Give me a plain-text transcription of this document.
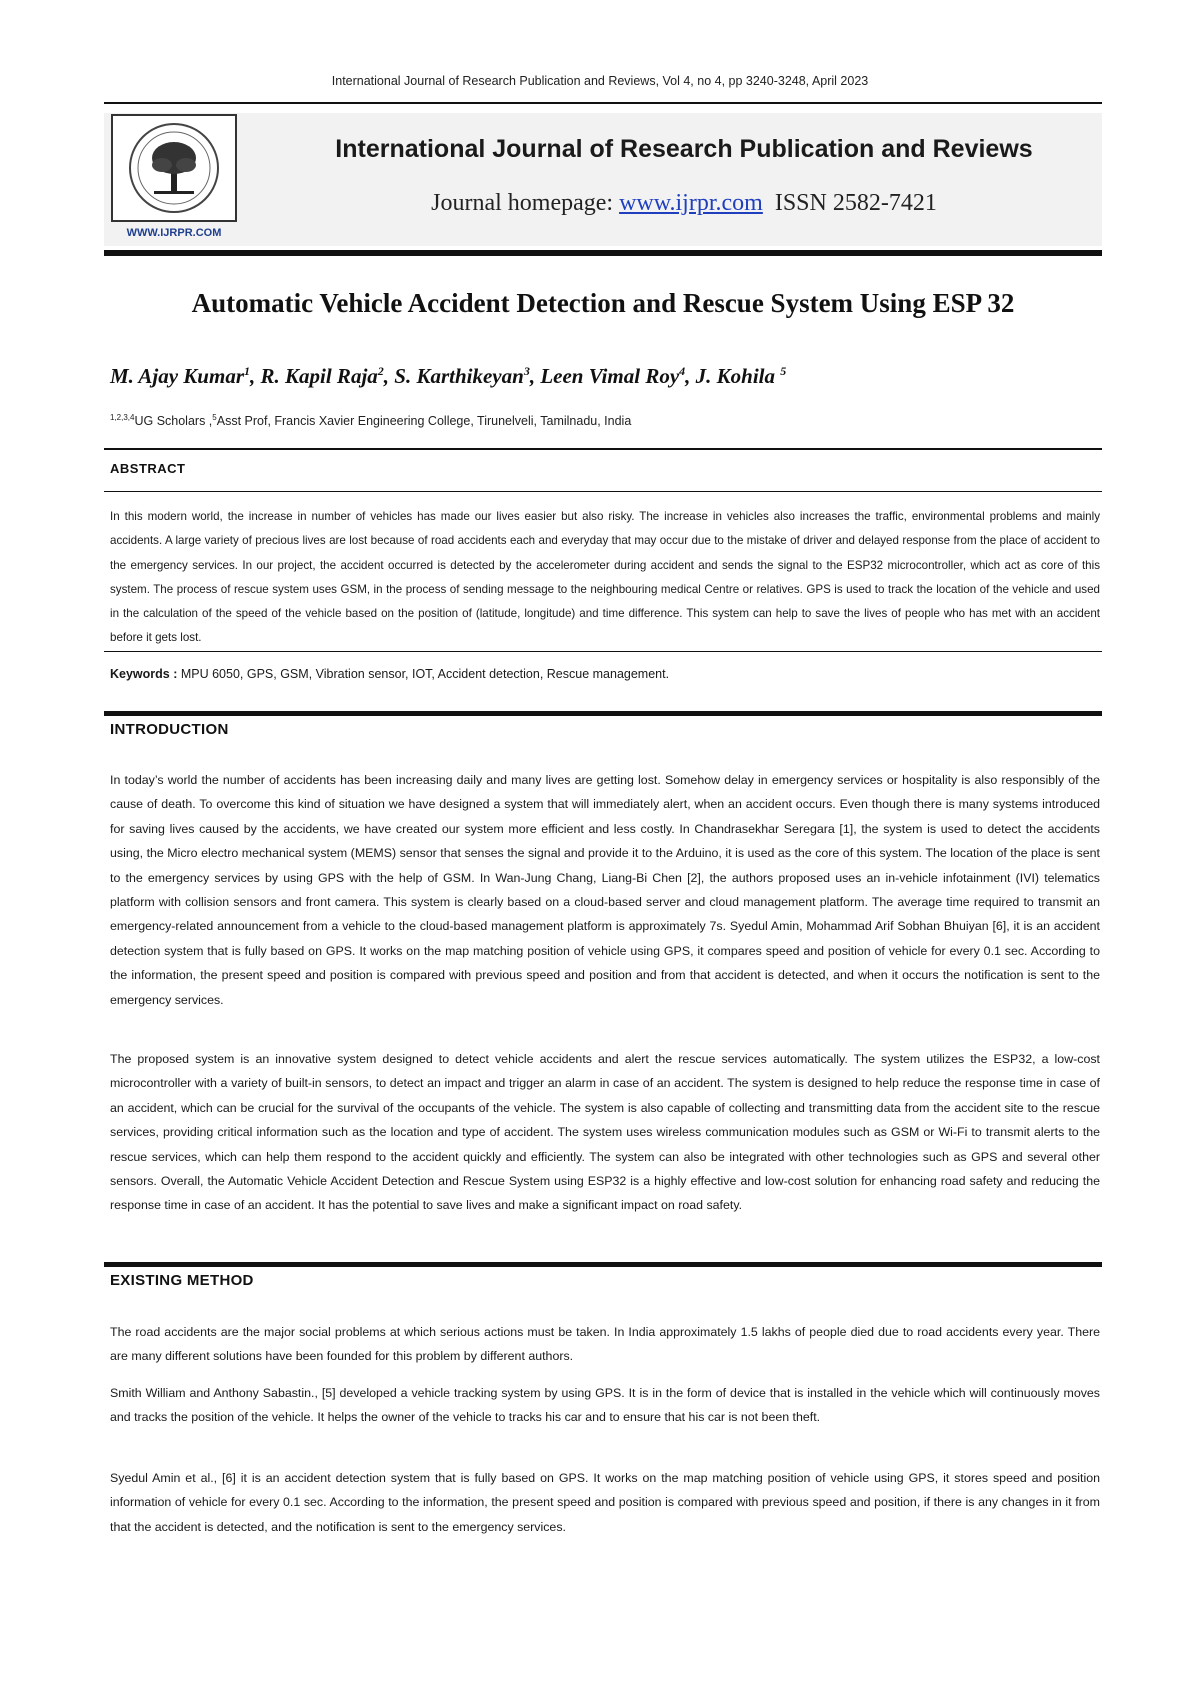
International Journal of Research Publication and Reviews, Vol 4, no 4, pp 3240-3248, April 2023
WWW.IJRPR.COM
International Journal of Research Publication and Reviews
Journal homepage: www.ijrpr.com ISSN 2582-7421
Automatic Vehicle Accident Detection and Rescue System Using ESP 32
M. Ajay Kumar$^1$, R. Kapil Raja$^2$, S. Karthikeyan$^3$, Leen Vimal Roy$^4$, J. Kohila $^5$
$^{1,2,3,4}$UG Scholars ,$^5$Asst Prof, Francis Xavier Engineering College, Tirunelveli, Tamilnadu, India
ABSTRACT
In this modern world, the increase in number of vehicles has made our lives easier but also risky. The increase in vehicles also increases the traffic, environmental problems and mainly accidents. A large variety of precious lives are lost because of road accidents each and everyday that may occur due to the mistake of driver and delayed response from the place of accident to the emergency services. In our project, the accident occurred is detected by the accelerometer during accident and sends the signal to the ESP32 microcontroller, which act as core of this system. The process of rescue system uses GSM, in the process of sending message to the neighbouring medical Centre or relatives. GPS is used to track the location of the vehicle and used in the calculation of the speed of the vehicle based on the position of (latitude, longitude) and time difference. This system can help to save the lives of people who has met with an accident before it gets lost.
Keywords : MPU 6050, GPS, GSM, Vibration sensor, IOT, Accident detection, Rescue management.
INTRODUCTION
In today’s world the number of accidents has been increasing daily and many lives are getting lost. Somehow delay in emergency services or hospitality is also responsibly of the cause of death. To overcome this kind of situation we have designed a system that will immediately alert, when an accident occurs. Even though there is many systems introduced for saving lives caused by the accidents, we have created our system more efficient and less costly. In Chandrasekhar Seregara [1], the system is used to detect the accidents using, the Micro electro mechanical system (MEMS) sensor that senses the signal and provide it to the Arduino, it is used as the core of this system. The location of the place is sent to the emergency services by using GPS with the help of GSM. In Wan-Jung Chang, Liang-Bi Chen [2], the authors proposed uses an in-vehicle infotainment (IVI) telematics platform with collision sensors and front camera. This system is clearly based on a cloud-based server and cloud management platform. The average time required to transmit an emergency-related announcement from a vehicle to the cloud-based management platform is approximately 7s. Syedul Amin, Mohammad Arif Sobhan Bhuiyan [6], it is an accident detection system that is fully based on GPS. It works on the map matching position of vehicle using GPS, it compares speed and position of vehicle for every 0.1 sec. According to the information, the present speed and position is compared with previous speed and position and from that accident is detected, and when it occurs the notification is sent to the emergency services.
The proposed system is an innovative system designed to detect vehicle accidents and alert the rescue services automatically. The system utilizes the ESP32, a low-cost microcontroller with a variety of built-in sensors, to detect an impact and trigger an alarm in case of an accident. The system is designed to help reduce the response time in case of an accident, which can be crucial for the survival of the occupants of the vehicle. The system is also capable of collecting and transmitting data from the accident site to the rescue services, providing critical information such as the location and type of accident. The system uses wireless communication modules such as GSM or Wi-Fi to transmit alerts to the rescue services, which can help them respond to the accident quickly and efficiently. The system can also be integrated with other technologies such as GPS and several other sensors. Overall, the Automatic Vehicle Accident Detection and Rescue System using ESP32 is a highly effective and low-cost solution for enhancing road safety and reducing the response time in case of an accident. It has the potential to save lives and make a significant impact on road safety.
EXISTING METHOD
The road accidents are the major social problems at which serious actions must be taken. In India approximately 1.5 lakhs of people died due to road accidents every year. There are many different solutions have been founded for this problem by different authors.
Smith William and Anthony Sabastin., [5] developed a vehicle tracking system by using GPS. It is in the form of device that is installed in the vehicle which will continuously moves and tracks the position of the vehicle. It helps the owner of the vehicle to tracks his car and to ensure that his car is not been theft.
Syedul Amin et al., [6] it is an accident detection system that is fully based on GPS. It works on the map matching position of vehicle using GPS, it stores speed and position information of vehicle for every 0.1 sec. According to the information, the present speed and position is compared with previous speed and position, if there is any changes in it from that the accident is detected, and the notification is sent to the emergency services.
